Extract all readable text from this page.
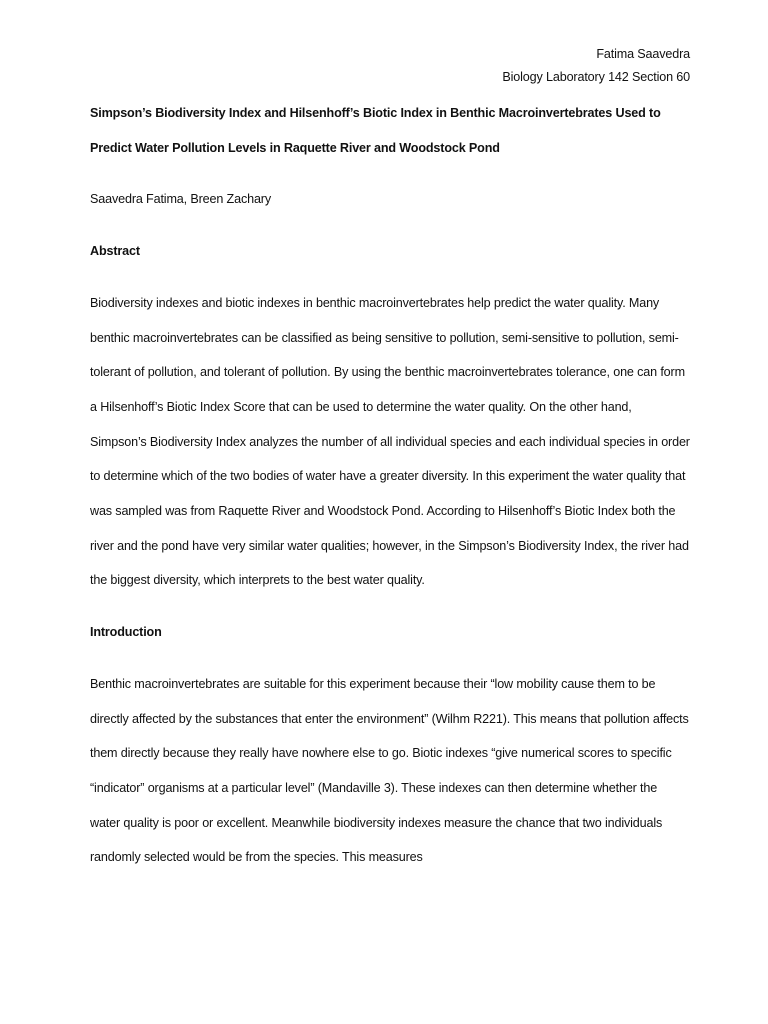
Fatima Saavedra
Biology Laboratory 142 Section 60

Simpson’s Biodiversity Index and Hilsenhoff’s Biotic Index in Benthic Macroinvertebrates Used to Predict Water Pollution Levels in Raquette River and Woodstock Pond

Saavedra Fatima, Breen Zachary

Abstract

Biodiversity indexes and biotic indexes in benthic macroinvertebrates help predict the water quality. Many benthic macroinvertebrates can be classified as being sensitive to pollution, semi-sensitive to pollution, semi-tolerant of pollution, and tolerant of pollution. By using the benthic macroinvertebrates tolerance, one can form a Hilsenhoff’s Biotic Index Score that can be used to determine the water quality. On the other hand, Simpson’s Biodiversity Index analyzes the number of all individual species and each individual species in order to determine which of the two bodies of water have a greater diversity. In this experiment the water quality that was sampled was from Raquette River and Woodstock Pond. According to Hilsenhoff’s Biotic Index both the river and the pond have very similar water qualities; however, in the Simpson’s Biodiversity Index, the river had the biggest diversity, which interprets to the best water quality.

Introduction

Benthic macroinvertebrates are suitable for this experiment because their “low mobility cause them to be directly affected by the substances that enter the environment” (Wilhm R221). This means that pollution affects them directly because they really have nowhere else to go. Biotic indexes “give numerical scores to specific “indicator” organisms at a particular level” (Mandaville 3). These indexes can then determine whether the water quality is poor or excellent. Meanwhile biodiversity indexes measure the chance that two individuals randomly selected would be from the species. This measures
